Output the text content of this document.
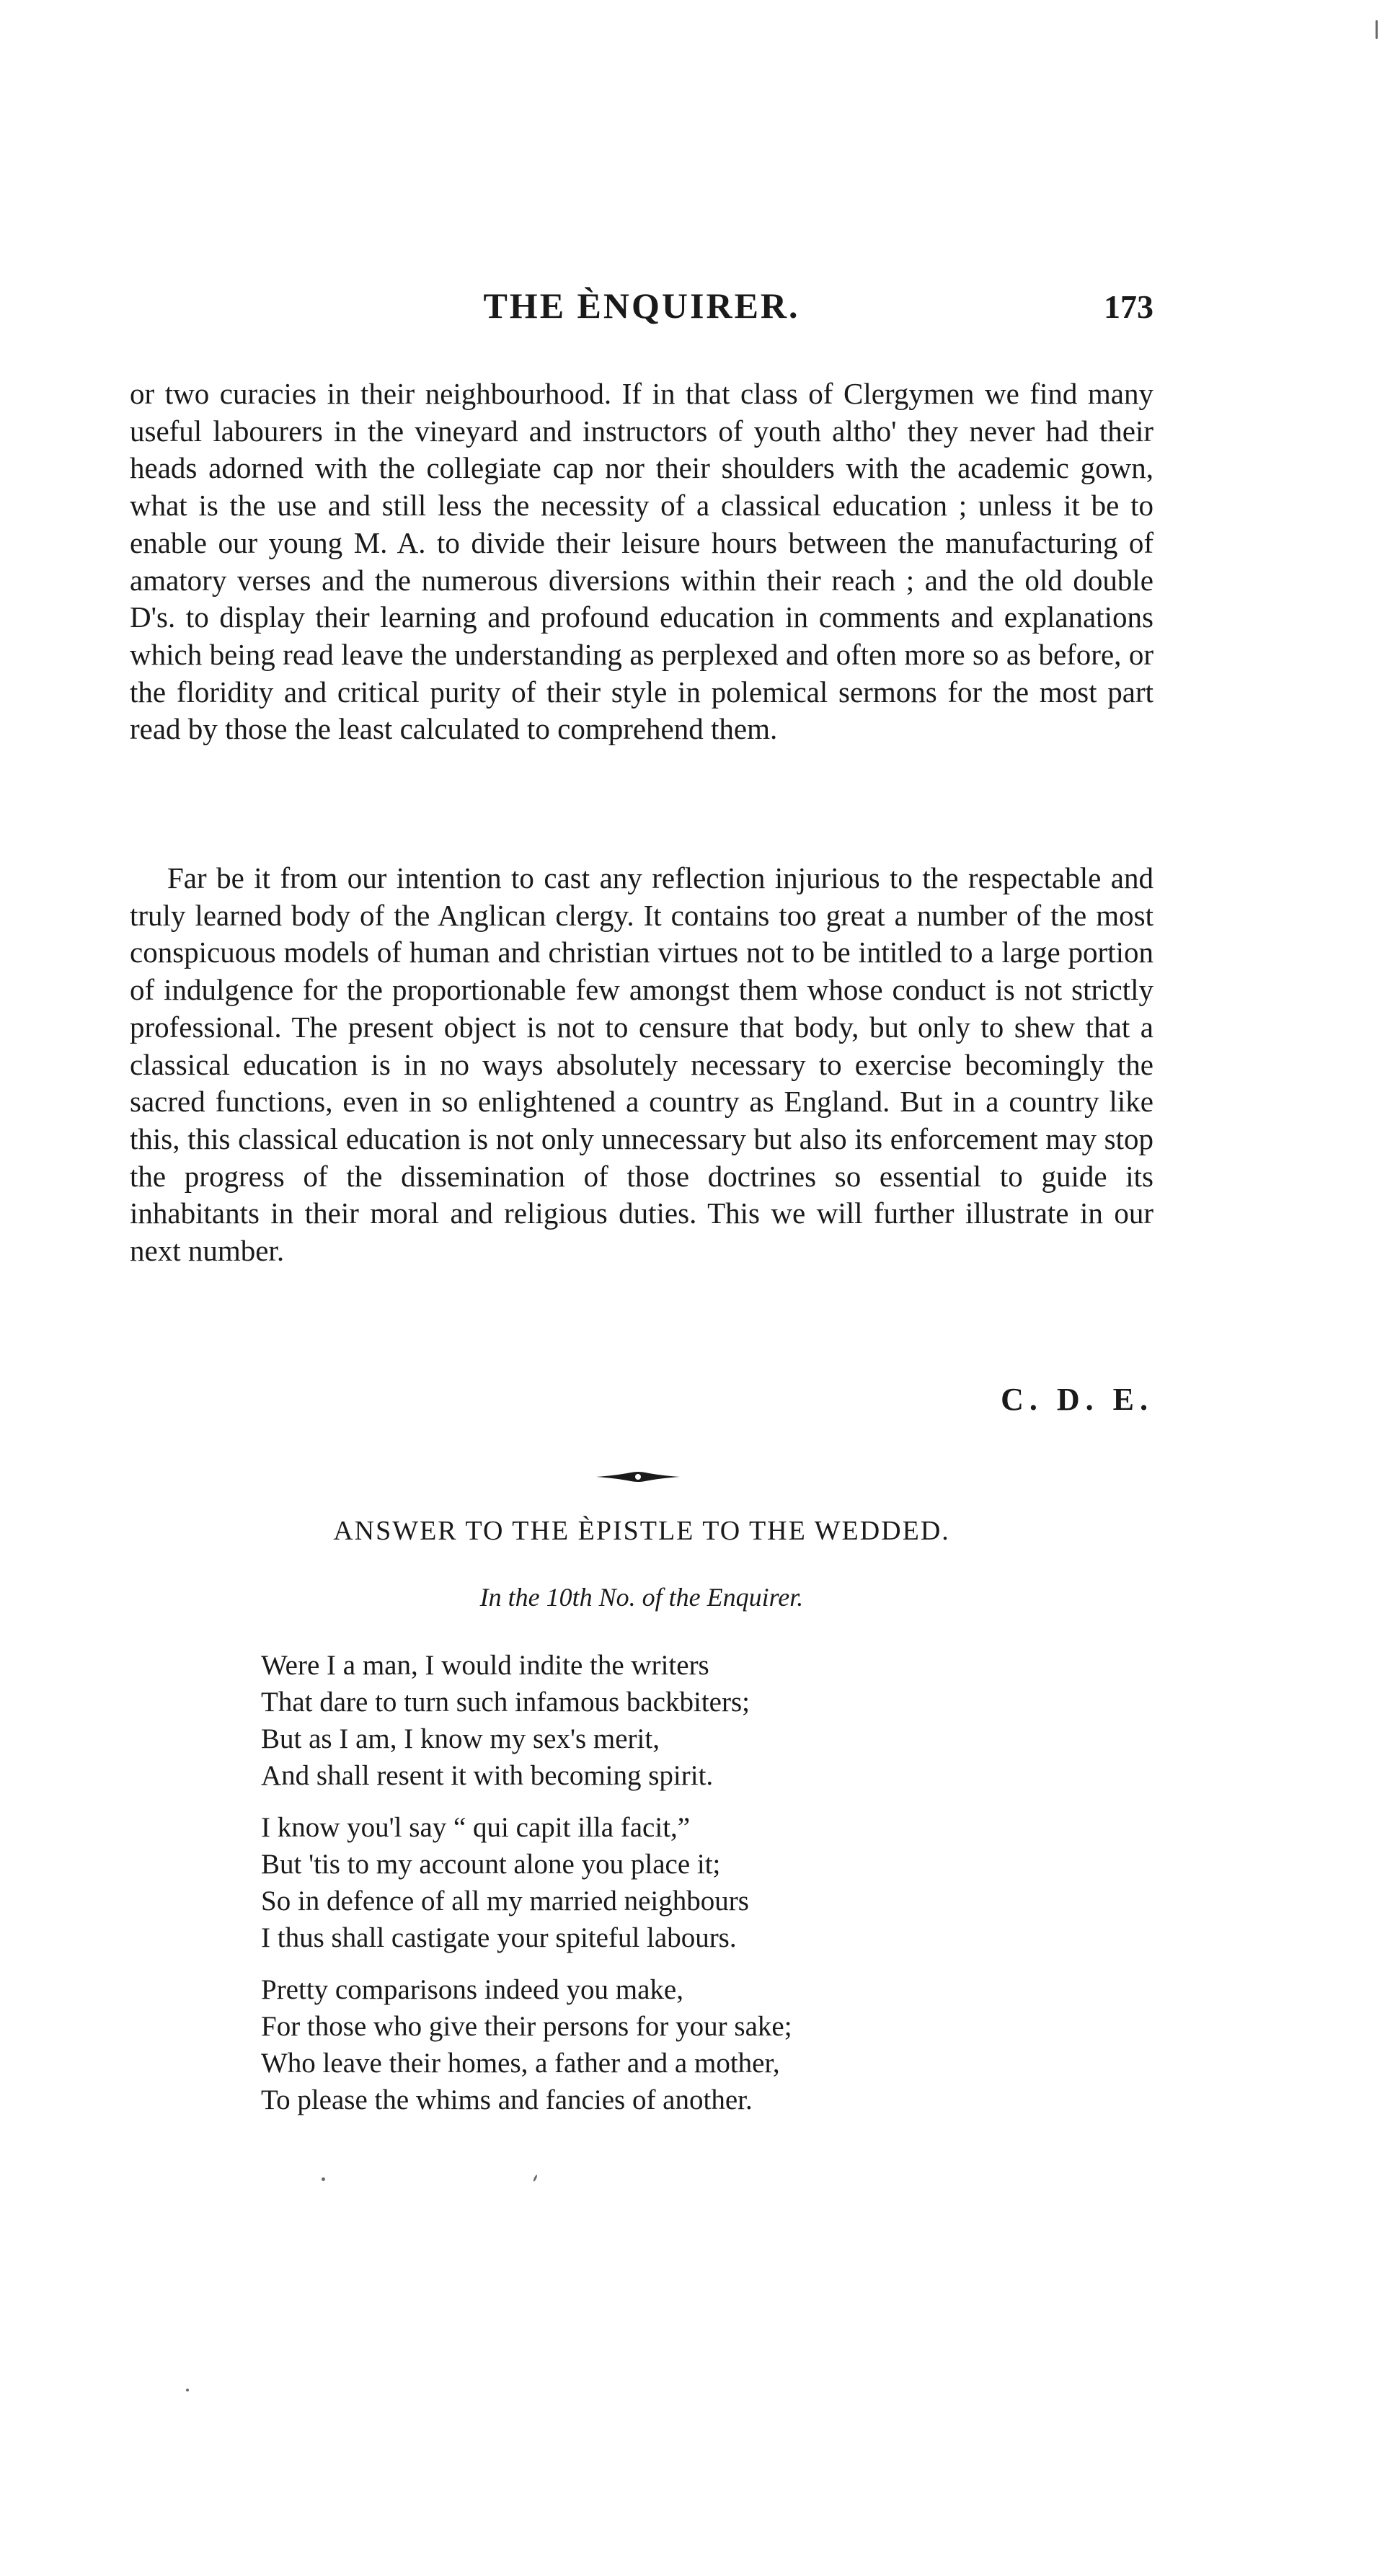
THE ÈNQUIRER.	173

or two curacies in their neighbourhood. If in that class of Clergymen we find many useful labourers in the vineyard and instructors of youth altho' they never had their heads adorned with the collegiate cap nor their shoulders with the academic gown, what is the use and still less the necessity of a classical education ; unless it be to enable our young M. A. to divide their leisure hours between the manufacturing of amatory verses and the numerous diversions within their reach ; and the old double D's. to display their learning and profound education in comments and explanations which being read leave the understanding as perplexed and often more so as before, or the floridity and critical purity of their style in polemical sermons for the most part read by those the least calculated to comprehend them.

Far be it from our intention to cast any reflection injurious to the respectable and truly learned body of the Anglican clergy. It contains too great a number of the most conspicuous models of human and christian virtues not to be intitled to a large portion of indulgence for the proportionable few amongst them whose conduct is not strictly professional. The present object is not to censure that body, but only to shew that a classical education is in no ways absolutely necessary to exercise becomingly the sacred functions, even in so enlightened a country as England. But in a country like this, this classical education is not only unnecessary but also its enforcement may stop the progress of the dissemination of those doctrines so essential to guide its inhabitants in their moral and religious duties. This we will further illustrate in our next number.

C. D. E.
ANSWER TO THE ÈPISTLE TO THE WEDDED.
In the 10th No. of the Enquirer.
Were I a man, I would indite the writers
That dare to turn such infamous backbiters;
But as I am, I know my sex's merit,
And shall resent it with becoming spirit.
I know you'l say “ qui capit illa facit,”
But 'tis to my account alone you place it;
So in defence of all my married neighbours
I thus shall castigate your spiteful labours.
Pretty comparisons indeed you make,
For those who give their persons for your sake;
Who leave their homes, a father and a mother,
To please the whims and fancies of another.
